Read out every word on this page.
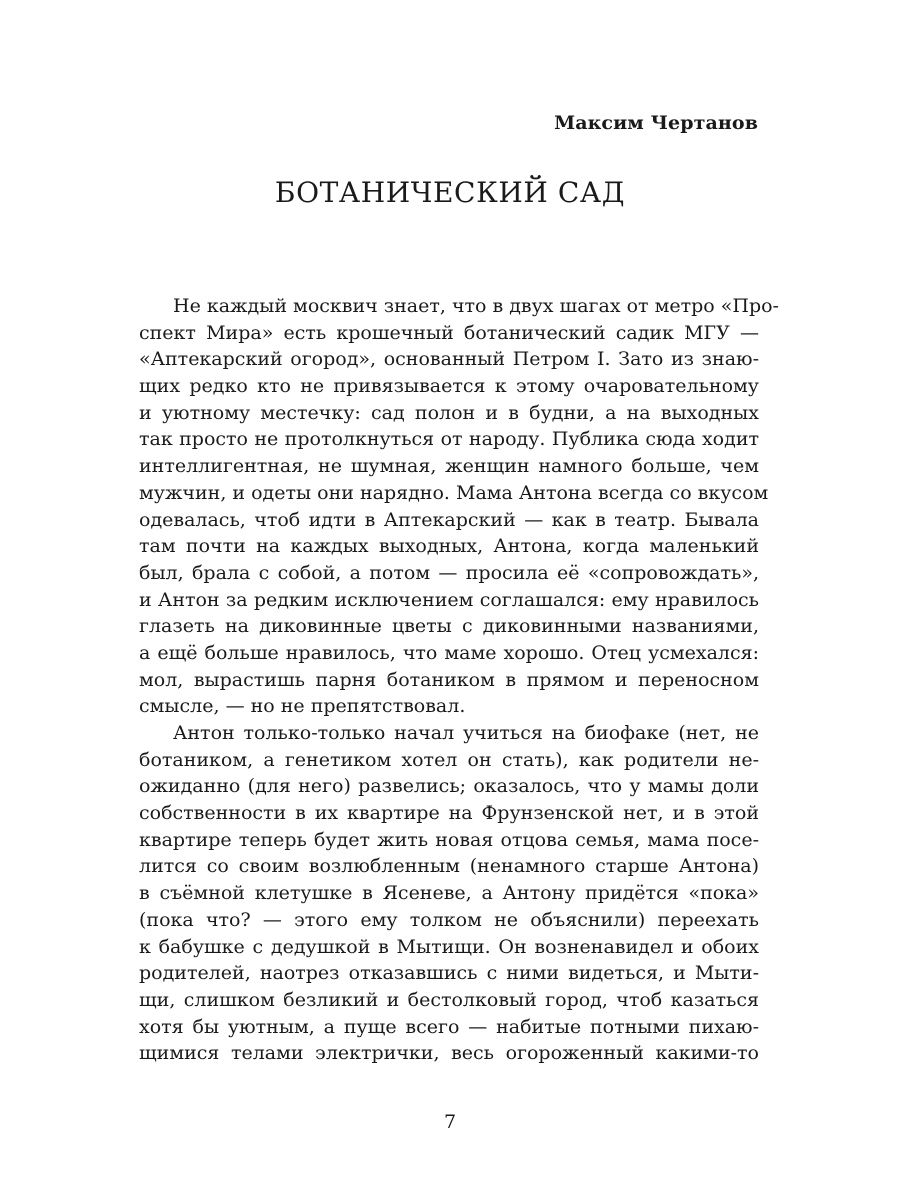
Максим Чертанов
БОТАНИЧЕСКИЙ САД
Не каждый москвич знает, что в двух шагах от метро «Про-
спект Мира» есть крошечный ботанический садик МГУ —
«Аптекарский огород», основанный Петром I. Зато из знаю-
щих редко кто не привязывается к этому очаровательному
и уютному местечку: сад полон и в будни, а на выходных
так просто не протолкнуться от народу. Публика сюда ходит
интеллигентная, не шумная, женщин намного больше, чем
мужчин, и одеты они нарядно. Мама Антона всегда со вкусом
одевалась, чтоб идти в Аптекарский — как в театр. Бывала
там почти на каждых выходных, Антона, когда маленький
был, брала с собой, а потом — просила её «сопровождать»,
и Антон за редким исключением соглашался: ему нравилось
глазеть на диковинные цветы с диковинными названиями,
а ещё больше нравилось, что маме хорошо. Отец усмехался:
мол, вырастишь парня ботаником в прямом и переносном
смысле, — но не препятствовал.
Антон только-только начал учиться на биофаке (нет, не
ботаником, а генетиком хотел он стать), как родители не-
ожиданно (для него) развелись; оказалось, что у мамы доли
собственности в их квартире на Фрунзенской нет, и в этой
квартире теперь будет жить новая отцова семья, мама посе-
лится со своим возлюбленным (ненамного старше Антона)
в съёмной клетушке в Ясеневе, а Антону придётся «пока»
(пока что? — этого ему толком не объяснили) переехать
к бабушке с дедушкой в Мытищи. Он возненавидел и обоих
родителей, наотрез отказавшись с ними видеться, и Мыти-
щи, слишком безликий и бестолковый город, чтоб казаться
хотя бы уютным, а пуще всего — набитые потными пихаю-
щимися телами электрички, весь огороженный какими-то
7
